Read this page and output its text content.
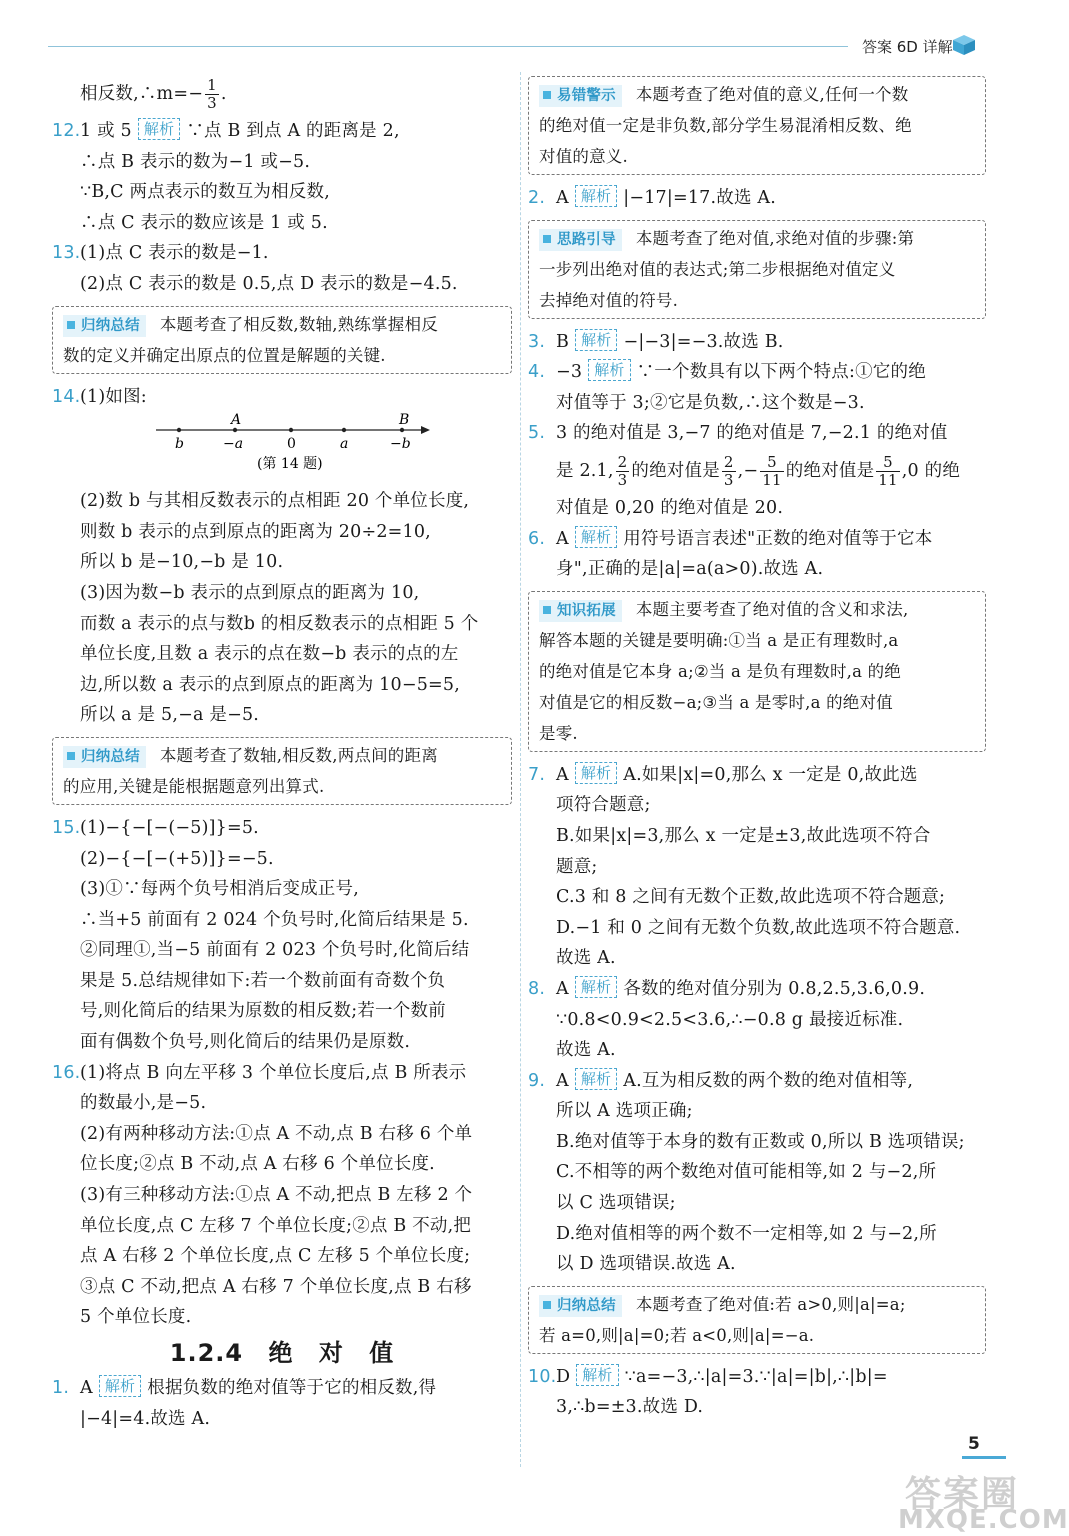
答案 6D 详解
相反数,∴m=− $\frac{1}{3}$ .
12. 1 或 5 解析 ∵点 B 到点 A 的距离是 2,
∴点 B 表示的数为−1 或−5.
∵B,C 两点表示的数互为相反数,
∴点 C 表示的数应该是 1 或 5.
13. (1)点 C 表示的数是−1.
(2)点 C 表示的数是 0.5,点 D 表示的数是−4.5.
归纳总结 本题考查了相反数,数轴,熟练掌握相反
数的定义并确定出原点的位置是解题的关键.
14. (1)如图:
A	B
b	−a	0	a	−b
(第 14 题)
(2)数 b 与其相反数表示的点相距 20 个单位长度,
则数 b 表示的点到原点的距离为 20÷2=10,
所以 b 是−10,−b 是 10.
(3)因为数−b 表示的点到原点的距离为 10,
而数 a 表示的点与数b 的相反数表示的点相距 5 个
单位长度,且数 a 表示的点在数−b 表示的点的左
边,所以数 a 表示的点到原点的距离为 10−5=5,
所以 a 是 5,−a 是−5.
归纳总结 本题考查了数轴,相反数,两点间的距离
的应用,关键是能根据题意列出算式.
15. (1)−{−[−(−5)]}=5.
(2)−{−[−(+5)]}=−5.
(3)①∵每两个负号相消后变成正号,
∴当+5 前面有 2 024 个负号时,化简后结果是 5.
②同理①,当−5 前面有 2 023 个负号时,化简后结
果是 5.总结规律如下:若一个数前面有奇数个负
号,则化简后的结果为原数的相反数;若一个数前
面有偶数个负号,则化简后的结果仍是原数.
16. (1)将点 B 向左平移 3 个单位长度后,点 B 所表示
的数最小,是−5.
(2)有两种移动方法:①点 A 不动,点 B 右移 6 个单
位长度;②点 B 不动,点 A 右移 6 个单位长度.
(3)有三种移动方法:①点 A 不动,把点 B 左移 2 个
单位长度,点 C 左移 7 个单位长度;②点 B 不动,把
点 A 右移 2 个单位长度,点 C 左移 5 个单位长度;
③点 C 不动,把点 A 右移 7 个单位长度,点 B 右移
5 个单位长度.
1.2.4 绝 对 值
1. A 解析 根据负数的绝对值等于它的相反数,得
|−4|=4.故选 A.
易错警示 本题考查了绝对值的意义,任何一个数
的绝对值一定是非负数,部分学生易混淆相反数、绝
对值的意义.
2. A 解析 |−17|=17.故选 A.
思路引导 本题考查了绝对值,求绝对值的步骤:第
一步列出绝对值的表达式;第二步根据绝对值定义
去掉绝对值的符号.
3. B 解析 −|−3|=−3.故选 B.
4. −3 解析 ∵一个数具有以下两个特点:①它的绝
对值等于 3;②它是负数,∴这个数是−3.
5. 3 的绝对值是 3,−7 的绝对值是 7,−2.1 的绝对值
是 2.1, $\frac{2}{3}$ 的绝对值是 $\frac{2}{3}$ ,− $\frac{5}{11}$ 的绝对值是 $\frac{5}{11} ,0$ 的绝
对值是 0,20 的绝对值是 20.
6. A 解析 用符号语言表述"正数的绝对值等于它本
身",正确的是|a|=a(a>0).故选 A.
知识拓展 本题主要考查了绝对值的含义和求法,
解答本题的关键是要明确:①当 a 是正有理数时,a
的绝对值是它本身 a;②当 a 是负有理数时,a 的绝
对值是它的相反数−a;③当 a 是零时,a 的绝对值
是零.
7. A 解析 A.如果|x|=0,那么 x 一定是 0,故此选
项符合题意;
B.如果|x|=3,那么 x 一定是±3,故此选项不符合
题意;
C.3 和 8 之间有无数个正数,故此选项不符合题意;
D.−1 和 0 之间有无数个负数,故此选项不符合题意.
故选 A.
8. A 解析 各数的绝对值分别为 0.8,2.5,3.6,0.9.
∵0.8<0.9<2.5<3.6,∴−0.8 g 最接近标准.
故选 A.
9. A 解析 A.互为相反数的两个数的绝对值相等,
所以 A 选项正确;
B.绝对值等于本身的数有正数或 0,所以 B 选项错误;
C.不相等的两个数绝对值可能相等,如 2 与−2,所
以 C 选项错误;
D.绝对值相等的两个数不一定相等,如 2 与−2,所
以 D 选项错误.故选 A.
归纳总结 本题考查了绝对值:若 a>0,则|a|=a;
若 a=0,则|a|=0;若 a<0,则|a|=−a.
10. D 解析 ∵a=−3,∴|a|=3.∵|a|=|b|,∴|b|=
3,∴b=±3.故选 D.
5
答案圈
MXQE.COM
